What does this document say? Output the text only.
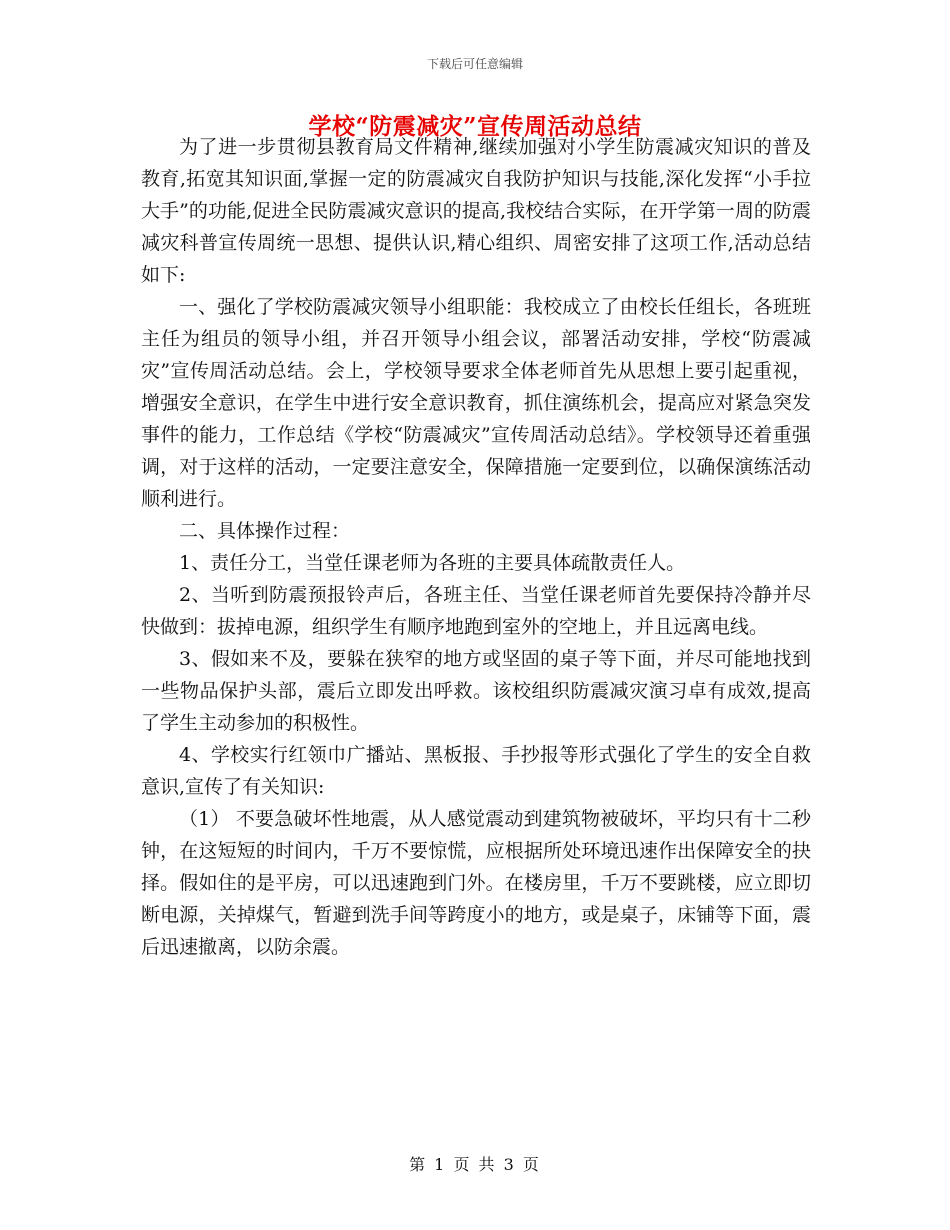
下载后可任意编辑
学校“防震减灾”宣传周活动总结

为了进一步贯彻县教育局文件精神,继续加强对小学生防震减灾知识的普及教育,拓宽其知识面,掌握一定的防震减灾自我防护知识与技能,深化发挥“小手拉大手”的功能,促进全民防震减灾意识的提高,我校结合实际，在开学第一周的防震减灾科普宣传周统一思想、提供认识,精心组织、周密安排了这项工作,活动总结如下:

一、强化了学校防震减灾领导小组职能：我校成立了由校长任组长，各班班主任为组员的领导小组，并召开领导小组会议，部署活动安排，学校“防震减灾”宣传周活动总结。会上，学校领导要求全体老师首先从思想上要引起重视，增强安全意识，在学生中进行安全意识教育，抓住演练机会，提高应对紧急突发事件的能力，工作总结《学校“防震减灾”宣传周活动总结》。学校领导还着重强调，对于这样的活动，一定要注意安全，保障措施一定要到位，以确保演练活动顺利进行。

二、具体操作过程：

1、责任分工，当堂任课老师为各班的主要具体疏散责任人。

2、当听到防震预报铃声后，各班主任、当堂任课老师首先要保持冷静并尽快做到：拔掉电源，组织学生有顺序地跑到室外的空地上，并且远离电线。

3、假如来不及，要躲在狭窄的地方或坚固的桌子等下面，并尽可能地找到一些物品保护头部，震后立即发出呼救。该校组织防震减灾演习卓有成效,提高了学生主动参加的积极性。

4、学校实行红领巾广播站、黑板报、手抄报等形式强化了学生的安全自救意识,宣传了有关知识:

（1） 不要急破坏性地震，从人感觉震动到建筑物被破坏，平均只有十二秒钟，在这短短的时间内，千万不要惊慌，应根据所处环境迅速作出保障安全的抉择。假如住的是平房，可以迅速跑到门外。在楼房里，千万不要跳楼，应立即切断电源，关掉煤气，暂避到洗手间等跨度小的地方，或是桌子，床铺等下面，震后迅速撤离，以防余震。

第 1 页 共 3 页
